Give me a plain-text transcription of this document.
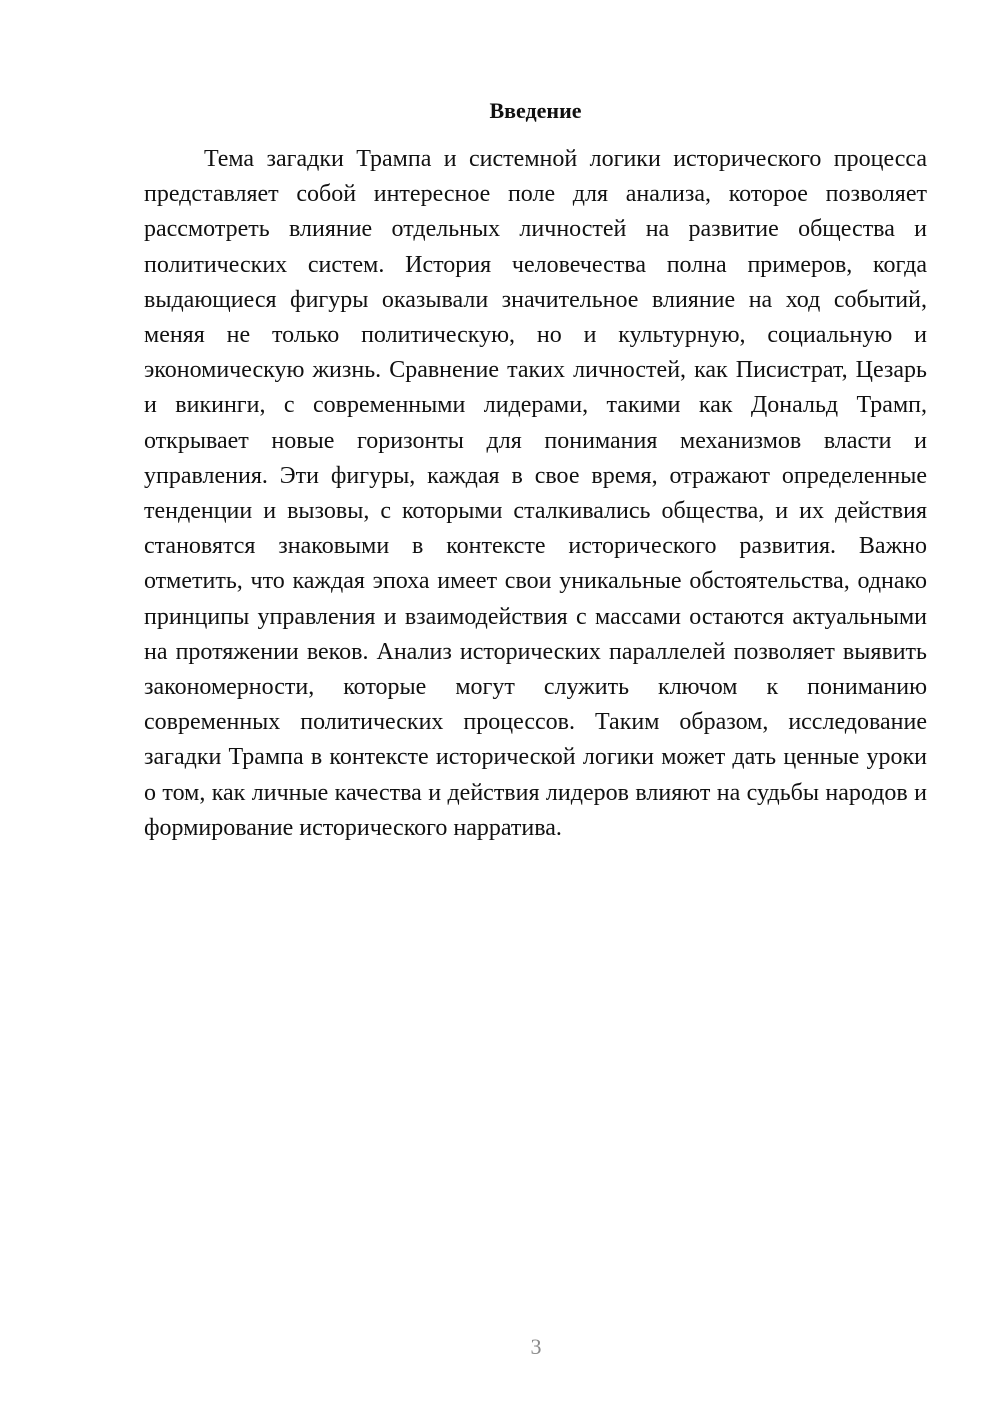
Введение

Тема загадки Трампа и системной логики исторического процесса представляет собой интересное поле для анализа, которое позволяет рассмотреть влияние отдельных личностей на развитие общества и политических систем. История человечества полна примеров, когда выдающиеся фигуры оказывали значительное влияние на ход событий, меняя не только политическую, но и культурную, социальную и экономическую жизнь. Сравнение таких личностей, как Писистрат, Цезарь и викинги, с современными лидерами, такими как Дональд Трамп, открывает новые горизонты для понимания механизмов власти и управления. Эти фигуры, каждая в свое время, отражают определенные тенденции и вызовы, с которыми сталкивались общества, и их действия становятся знаковыми в контексте исторического развития. Важно отметить, что каждая эпоха имеет свои уникальные обстоятельства, однако принципы управления и взаимодействия с массами остаются актуальными на протяжении веков. Анализ исторических параллелей позволяет выявить закономерности, которые могут служить ключом к пониманию современных политических процессов. Таким образом, исследование загадки Трампа в контексте исторической логики может дать ценные уроки о том, как личные качества и действия лидеров влияют на судьбы народов и формирование исторического нарратива.

3
